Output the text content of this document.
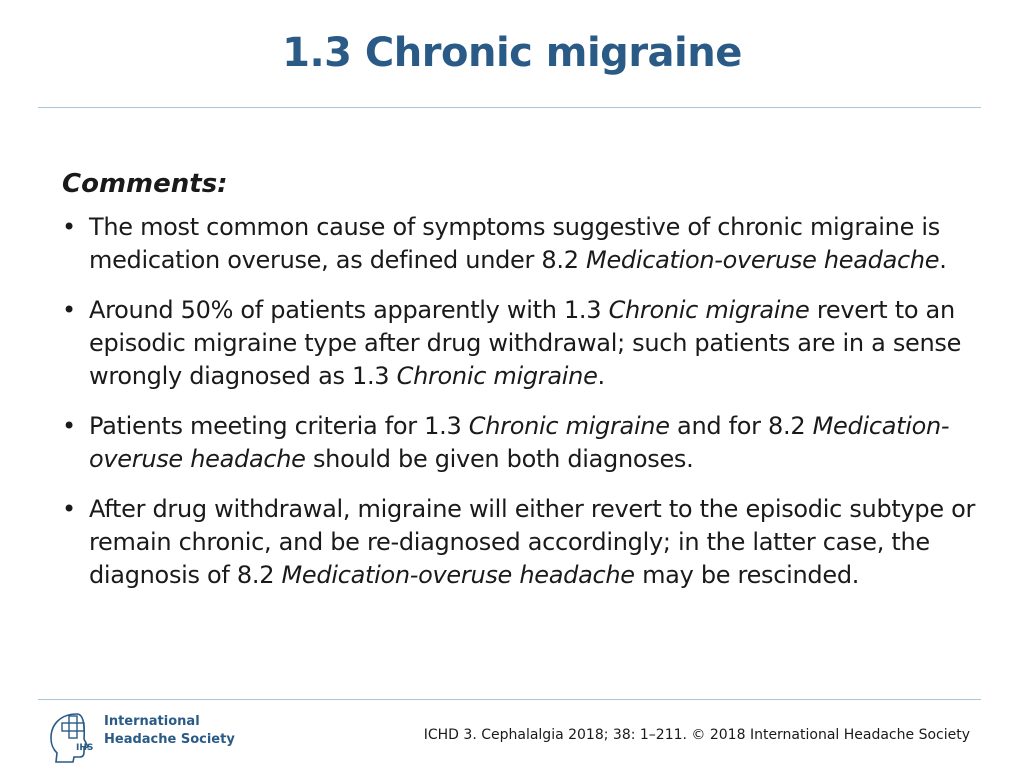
1.3 Chronic migraine
Comments:
• The most common cause of symptoms suggestive of chronic migraine is medication overuse, as defined under 8.2 Medication-overuse headache.
• Around 50% of patients apparently with 1.3 Chronic migraine revert to an episodic migraine type after drug withdrawal; such patients are in a sense wrongly diagnosed as 1.3 Chronic migraine.
• Patients meeting criteria for 1.3 Chronic migraine and for 8.2 Medication-overuse headache should be given both diagnoses.
• After drug withdrawal, migraine will either revert to the episodic subtype or remain chronic, and be re-diagnosed accordingly; in the latter case, the diagnosis of 8.2 Medication-overuse headache may be rescinded.
IHS
International
Headache Society	ICHD 3. Cephalalgia 2018; 38: 1–211. © 2018 International Headache Society
